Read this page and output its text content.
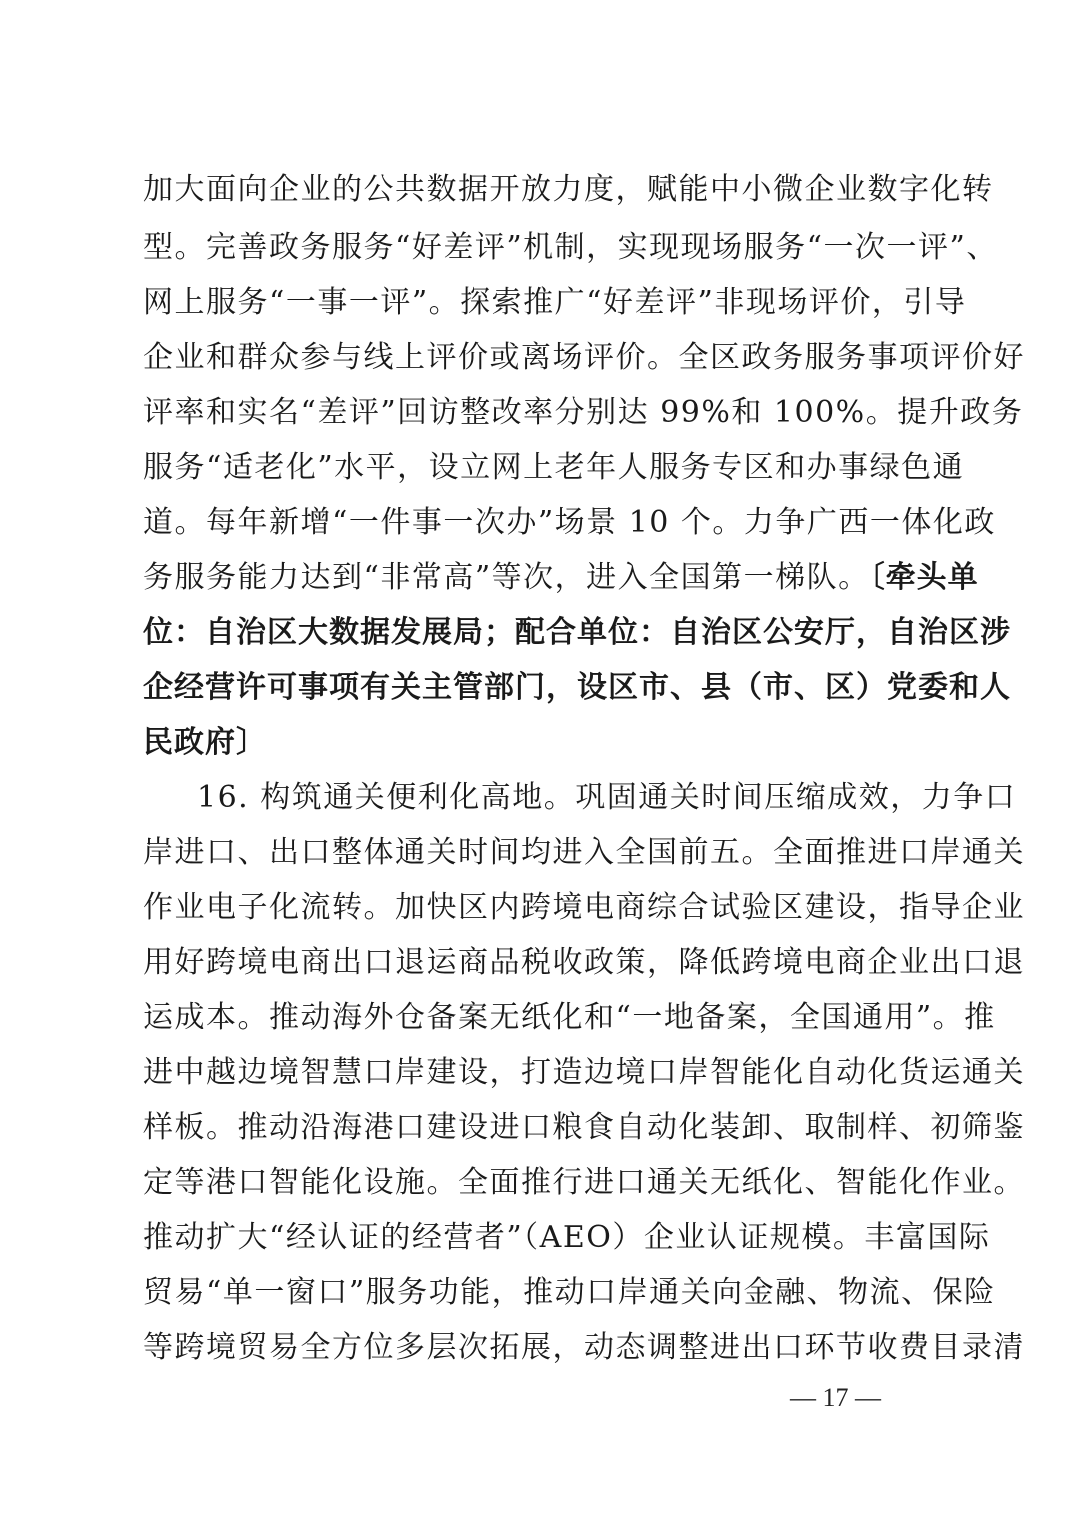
加大面向企业的公共数据开放力度，赋能中小微企业数字化转
型。完善政务服务“好差评”机制，实现现场服务“一次一评”、
网上服务“一事一评”。探索推广“好差评”非现场评价，引导
企业和群众参与线上评价或离场评价。全区政务服务事项评价好
评率和实名“差评”回访整改率分别达 99%和 100%。提升政务
服务“适老化”水平，设立网上老年人服务专区和办事绿色通
道。每年新增“一件事一次办”场景 10 个。力争广西一体化政
务服务能力达到“非常高”等次，进入全国第一梯队。〔牵头单
位：自治区大数据发展局；配合单位：自治区公安厅，自治区涉
企经营许可事项有关主管部门，设区市、县（市、区）党委和人
民政府〕
16. 构筑通关便利化高地。巩固通关时间压缩成效，力争口
岸进口、出口整体通关时间均进入全国前五。全面推进口岸通关
作业电子化流转。加快区内跨境电商综合试验区建设，指导企业
用好跨境电商出口退运商品税收政策，降低跨境电商企业出口退
运成本。推动海外仓备案无纸化和“一地备案，全国通用”。推
进中越边境智慧口岸建设，打造边境口岸智能化自动化货运通关
样板。推动沿海港口建设进口粮食自动化装卸、取制样、初筛鉴
定等港口智能化设施。全面推行进口通关无纸化、智能化作业。
推动扩大“经认证的经营者”（AEO）企业认证规模。丰富国际
贸易“单一窗口”服务功能，推动口岸通关向金融、物流、保险
等跨境贸易全方位多层次拓展，动态调整进出口环节收费目录清
— 17 —
